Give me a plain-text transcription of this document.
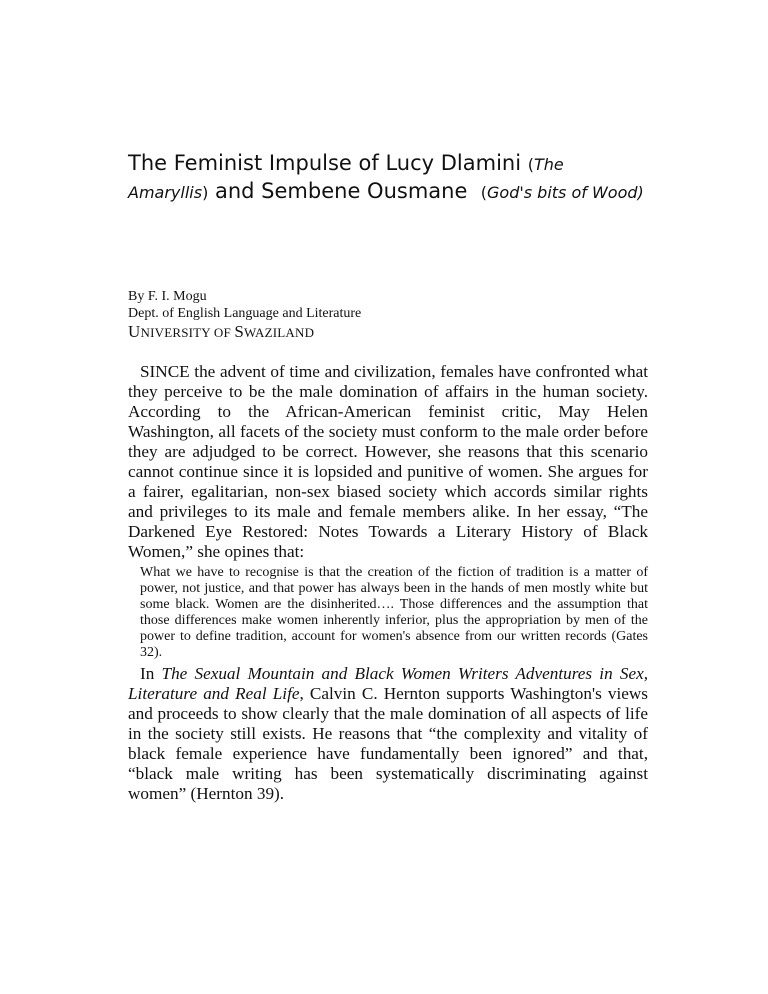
The Feminist Impulse of Lucy Dlamini (The Amaryllis) and Sembene Ousmane (God's bits of Wood)
By F. I. Mogu
Dept. of English Language and Literature
UNIVERSITY OF SWAZILAND

SINCE the advent of time and civilization, females have confronted what they perceive to be the male domination of affairs in the human society. According to the African-American feminist critic, May Helen Washington, all facets of the society must conform to the male order before they are adjudged to be correct. However, she reasons that this scenario cannot continue since it is lopsided and punitive of women. She argues for a fairer, egalitarian, non-sex biased society which accords similar rights and privileges to its male and female members alike. In her essay, “The Darkened Eye Restored: Notes Towards a Literary History of Black Women,” she opines that:

What we have to recognise is that the creation of the fiction of tradition is a matter of power, not justice, and that power has always been in the hands of men mostly white but some black. Women are the disinherited…. Those differences and the assumption that those differences make women inherently inferior, plus the appropriation by men of the power to define tradition, account for women's absence from our written records (Gates 32).

In The Sexual Mountain and Black Women Writers Adventures in Sex, Literature and Real Life, Calvin C. Hernton supports Washington's views and proceeds to show clearly that the male domination of all aspects of life in the society still exists. He reasons that “the complexity and vitality of black female experience have fundamentally been ignored” and that, “black male writing has been systematically discriminating against women” (Hernton 39).
